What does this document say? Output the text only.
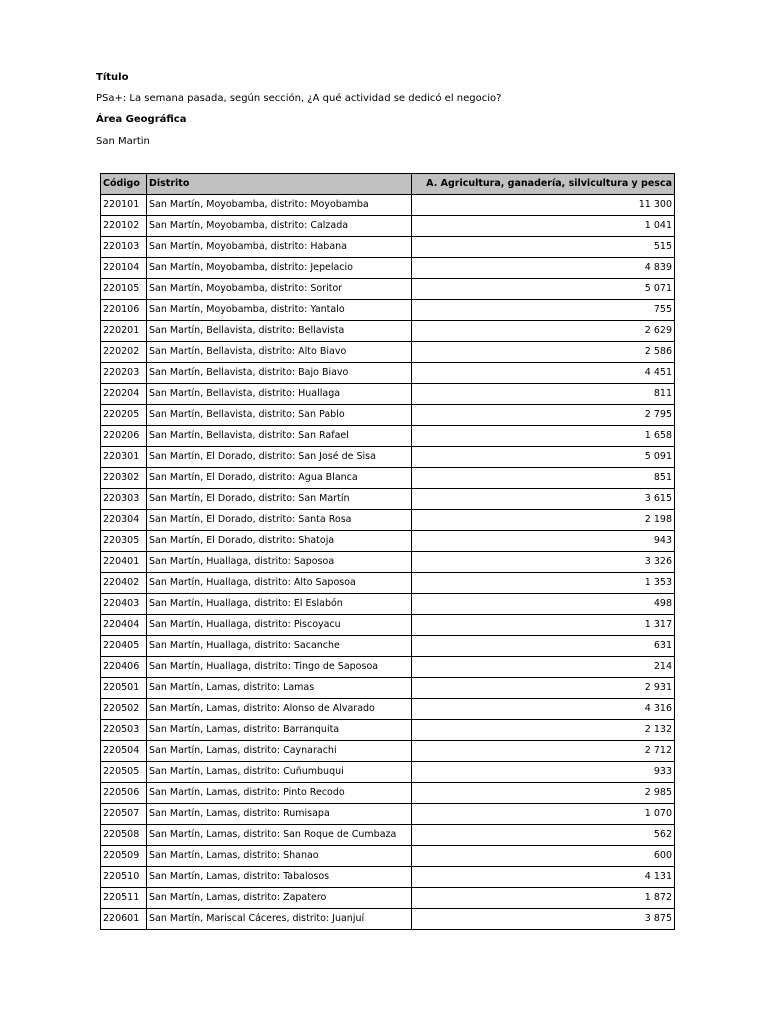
Título
PSa+: La semana pasada, según sección, ¿A qué actividad se dedicó el negocio?
Área Geográfica
San Martin
Código	Distrito	A. Agricultura, ganadería, silvicultura y pesca
220101	San Martín, Moyobamba, distrito: Moyobamba	11 300
220102	San Martín, Moyobamba, distrito: Calzada	1 041
220103	San Martín, Moyobamba, distrito: Habana	515
220104	San Martín, Moyobamba, distrito: Jepelacio	4 839
220105	San Martín, Moyobamba, distrito: Soritor	5 071
220106	San Martín, Moyobamba, distrito: Yantalo	755
220201	San Martín, Bellavista, distrito: Bellavista	2 629
220202	San Martín, Bellavista, distrito: Alto Biavo	2 586
220203	San Martín, Bellavista, distrito: Bajo Biavo	4 451
220204	San Martín, Bellavista, distrito: Huallaga	811
220205	San Martín, Bellavista, distrito: San Pablo	2 795
220206	San Martín, Bellavista, distrito: San Rafael	1 658
220301	San Martín, El Dorado, distrito: San José de Sisa	5 091
220302	San Martín, El Dorado, distrito: Agua Blanca	851
220303	San Martín, El Dorado, distrito: San Martín	3 615
220304	San Martín, El Dorado, distrito: Santa Rosa	2 198
220305	San Martín, El Dorado, distrito: Shatoja	943
220401	San Martín, Huallaga, distrito: Saposoa	3 326
220402	San Martín, Huallaga, distrito: Alto Saposoa	1 353
220403	San Martín, Huallaga, distrito: El Eslabón	498
220404	San Martín, Huallaga, distrito: Piscoyacu	1 317
220405	San Martín, Huallaga, distrito: Sacanche	631
220406	San Martín, Huallaga, distrito: Tingo de Saposoa	214
220501	San Martín, Lamas, distrito: Lamas	2 931
220502	San Martín, Lamas, distrito: Alonso de Alvarado	4 316
220503	San Martín, Lamas, distrito: Barranquita	2 132
220504	San Martín, Lamas, distrito: Caynarachi	2 712
220505	San Martín, Lamas, distrito: Cuñumbuqui	933
220506	San Martín, Lamas, distrito: Pinto Recodo	2 985
220507	San Martín, Lamas, distrito: Rumisapa	1 070
220508	San Martín, Lamas, distrito: San Roque de Cumbaza	562
220509	San Martín, Lamas, distrito: Shanao	600
220510	San Martín, Lamas, distrito: Tabalosos	4 131
220511	San Martín, Lamas, distrito: Zapatero	1 872
220601	San Martín, Mariscal Cáceres, distrito: Juanjuí	3 875
